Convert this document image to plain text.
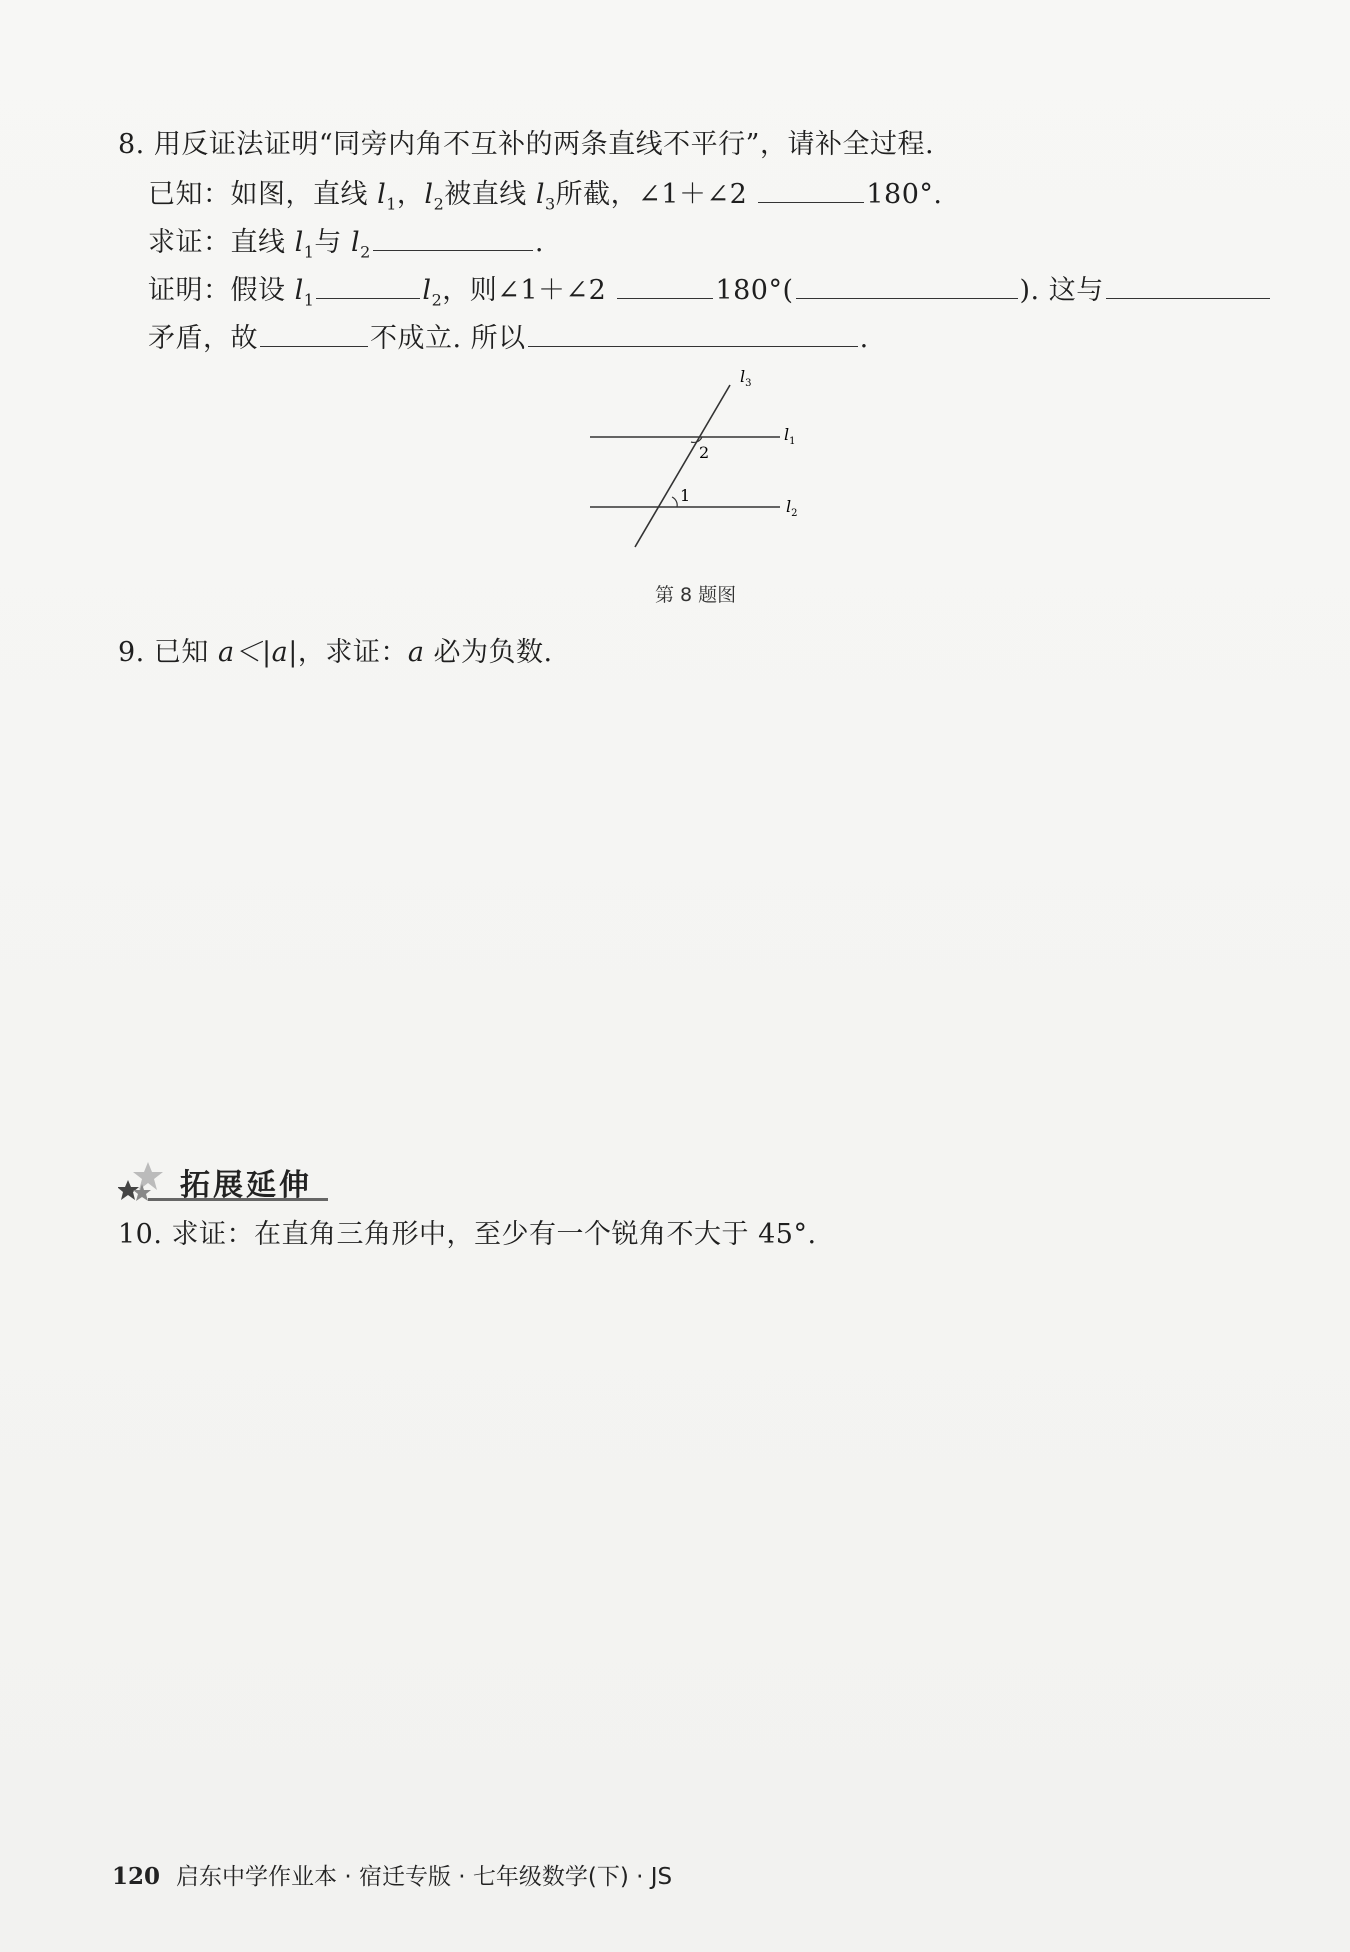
8. 用反证法证明“同旁内角不互补的两条直线不平行”，请补全过程.
已知：如图，直线 $l_1$，$l_2$被直线 $l_3$所截，∠1＋∠2	180°.
求证：直线 $l_1$与 $l_2$	.
证明：假设 $l_1$	$l_2$，则∠1＋∠2	180°(	). 这与
矛盾，故	不成立. 所以	.
2
1
$l_3$
$l_1$
$l_2$
第 8 题图
9. 已知 a＜|a|，求证：a 必为负数.
拓展延伸
10. 求证：在直角三角形中，至少有一个锐角不大于 45°.
120 启东中学作业本 · 宿迁专版 · 七年级数学(下) · JS
